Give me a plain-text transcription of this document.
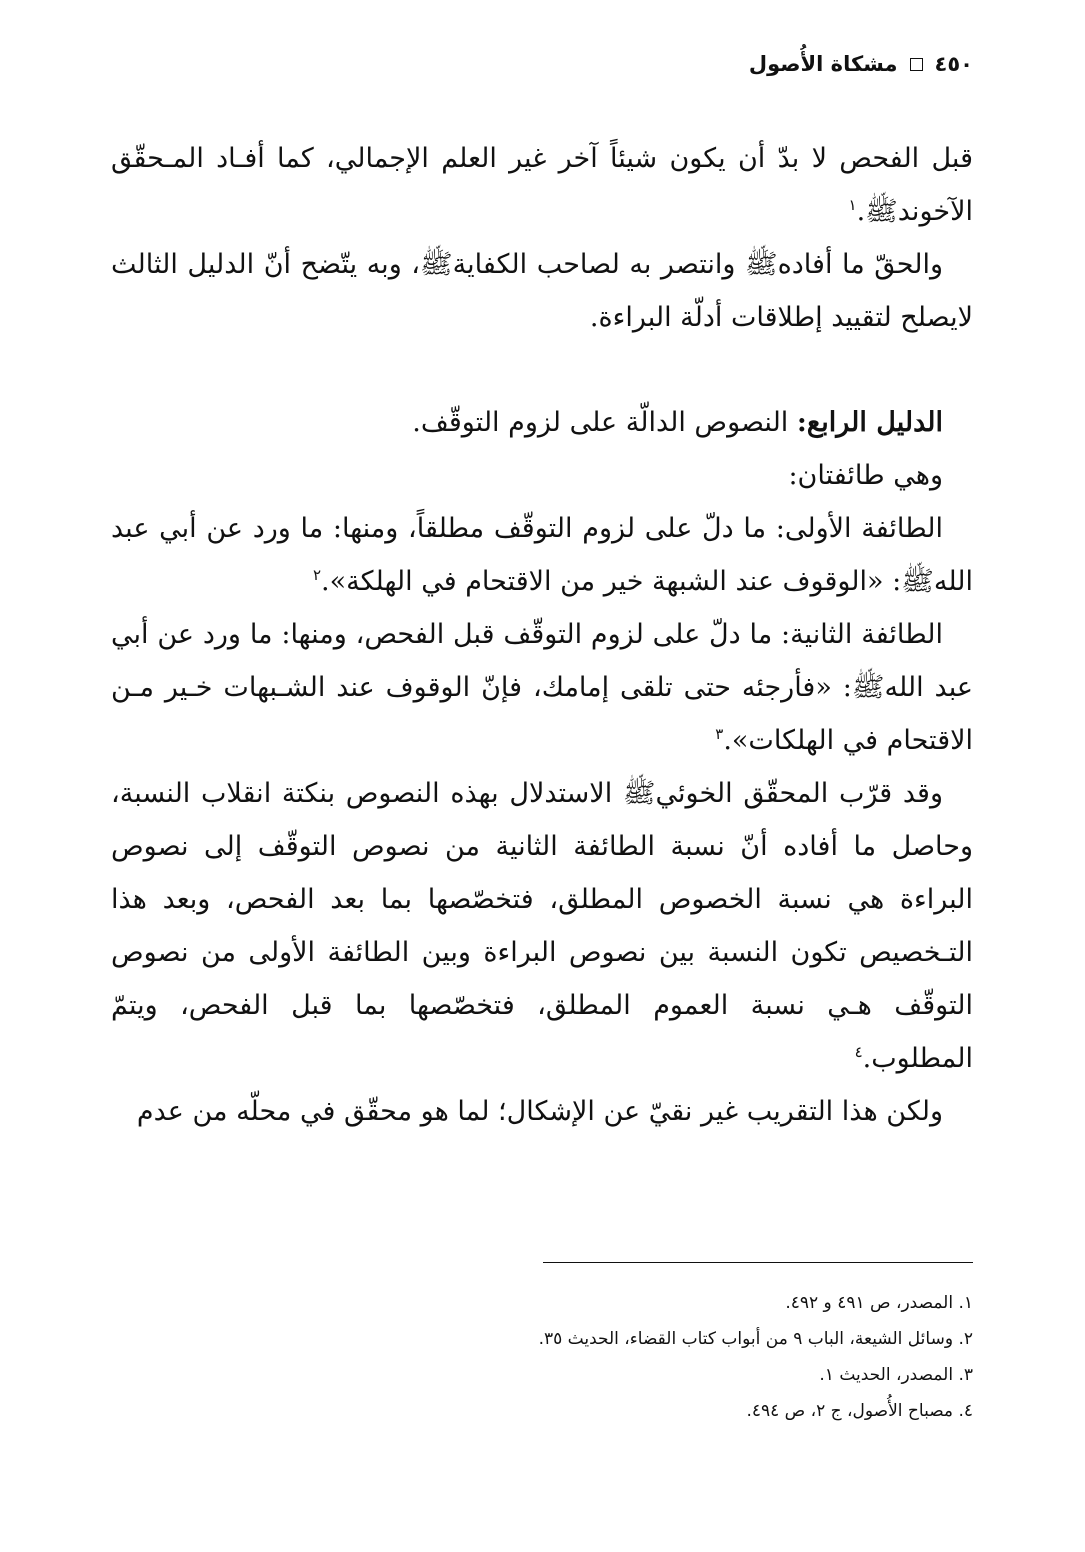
٤٥٠
مشكاة الأُصول

قبل الفحص لا بدّ أن يكون شيئاً آخر غير العلم الإجمالي، كما أفـاد المـحقّق الآخوندﷺ.$^١$

والحقّ ما أفادهﷺ وانتصر به لصاحب الكفايةﷺ، وبه يتّضح أنّ الدليل الثالث لايصلح لتقييد إطلاقات أدلّة البراءة.

الدليل الرابع: النصوص الدالّة على لزوم التوقّف.

وهي طائفتان:

الطائفة الأولى: ما دلّ على لزوم التوقّف مطلقاً، ومنها: ما ورد عن أبي عبد اللهﷺ: «الوقوف عند الشبهة خير من الاقتحام في الهلكة».$^٢$

الطائفة الثانية: ما دلّ على لزوم التوقّف قبل الفحص، ومنها: ما ورد عن أبي عبد اللهﷺ: «فأرجئه حتى تلقى إمامك، فإنّ الوقوف عند الشـبهات خـير مـن الاقتحام في الهلكات».$^٣$

وقد قرّب المحقّق الخوئيﷺ الاستدلال بهذه النصوص بنكتة انقلاب النسبة، وحاصل ما أفاده أنّ نسبة الطائفة الثانية من نصوص التوقّف إلى نصوص البراءة هي نسبة الخصوص المطلق، فتخصّصها بما بعد الفحص، وبعد هذا التـخصيص تكون النسبة بين نصوص البراءة وبين الطائفة الأولى من نصوص التوقّف هـي نسبة العموم المطلق، فتخصّصها بما قبل الفحص، ويتمّ المطلوب.$^٤$

ولكن هذا التقريب غير نقيّ عن الإشكال؛ لما هو محقّق في محلّه من عدم

١. المصدر، ص ٤٩١ و ٤٩٢.
٢. وسائل الشيعة، الباب ٩ من أبواب كتاب القضاء، الحديث ٣٥.
٣. المصدر، الحديث ١.
٤. مصباح الأُصول، ج ٢، ص ٤٩٤.
